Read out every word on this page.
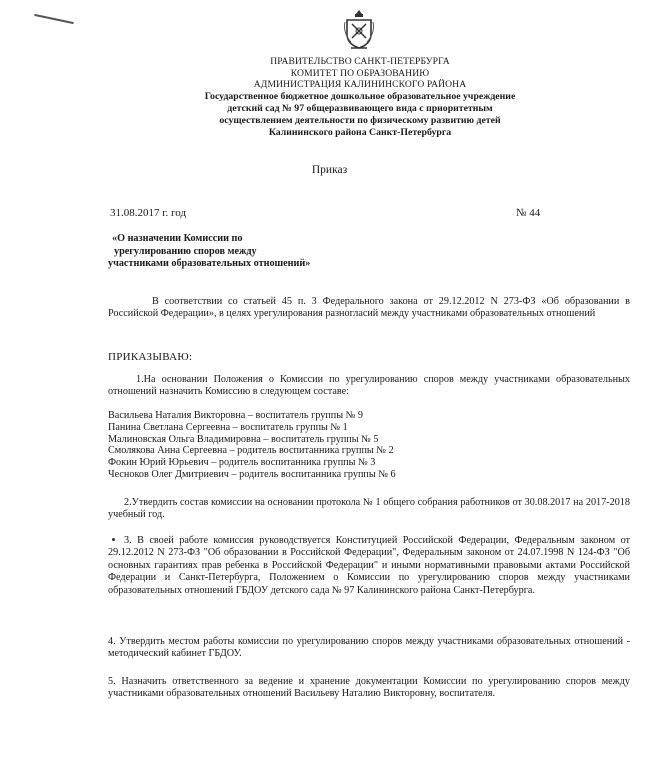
ПРАВИТЕЛЬСТВО САНКТ-ПЕТЕРБУРГА
КОМИТЕТ ПО ОБРАЗОВАНИЮ
АДМИНИСТРАЦИЯ КАЛИНИНСКОГО РАЙОНА
Государственное бюджетное дошкольное образовательное учреждение
детский сад № 97 общеразвивающего вида с приоритетным
осуществлением деятельности по физическому развитию детей
Калининского района Санкт-Петербурга
Приказ
31.08.2017 г. год	№ 44
«О назначении Комиссии по
урегулированию споров между
участниками образовательных отношений»
В соответствии со статьей 45 п. 3 Федерального закона от 29.12.2012 N 273-ФЗ «Об образовании в Российской Федерации», в целях урегулирования разногласий между участниками образовательных отношений
ПРИКАЗЫВАЮ:
1.На основании Положения о Комиссии по урегулированию споров между участниками образовательных отношений назначить Комиссию в следующем составе:
Васильева Наталия Викторовна – воспитатель группы № 9
Панина Светлана Сергеевна – воспитатель группы № 1
Малиновская Ольга Владимировна – воспитатель группы № 5
Смолякова Анна Сергеевна – родитель воспитанника группы № 2
Фокин Юрий Юрьевич – родитель воспитанника группы № 3
Чесноков Олег Дмитриевич – родитель воспитанника группы № 6
2.Утвердить состав комиссии на основании протокола № 1 общего собрания работников от 30.08.2017 на 2017-2018 учебный год.
3. В своей работе комиссия руководствуется Конституцией Российской Федерации, Федеральным законом от 29.12.2012 N 273-ФЗ "Об образовании в Российской Федерации", Федеральным законом от 24.07.1998 N 124-ФЗ "Об основных гарантиях прав ребенка в Российской Федерации" и иными нормативными правовыми актами Российской Федерации и Санкт-Петербурга, Положением о Комиссии по урегулированию споров между участниками образовательных отношений ГБДОУ детского сада № 97 Калининского района Санкт-Петербурга.
4. Утвердить местом работы комиссии по урегулированию споров между участниками образовательных отношений - методический кабинет ГБДОУ.
5. Назначить ответственного за ведение и хранение документации Комиссии по урегулированию споров между участниками образовательных отношений Васильеву Наталию Викторовну, воспитателя.
